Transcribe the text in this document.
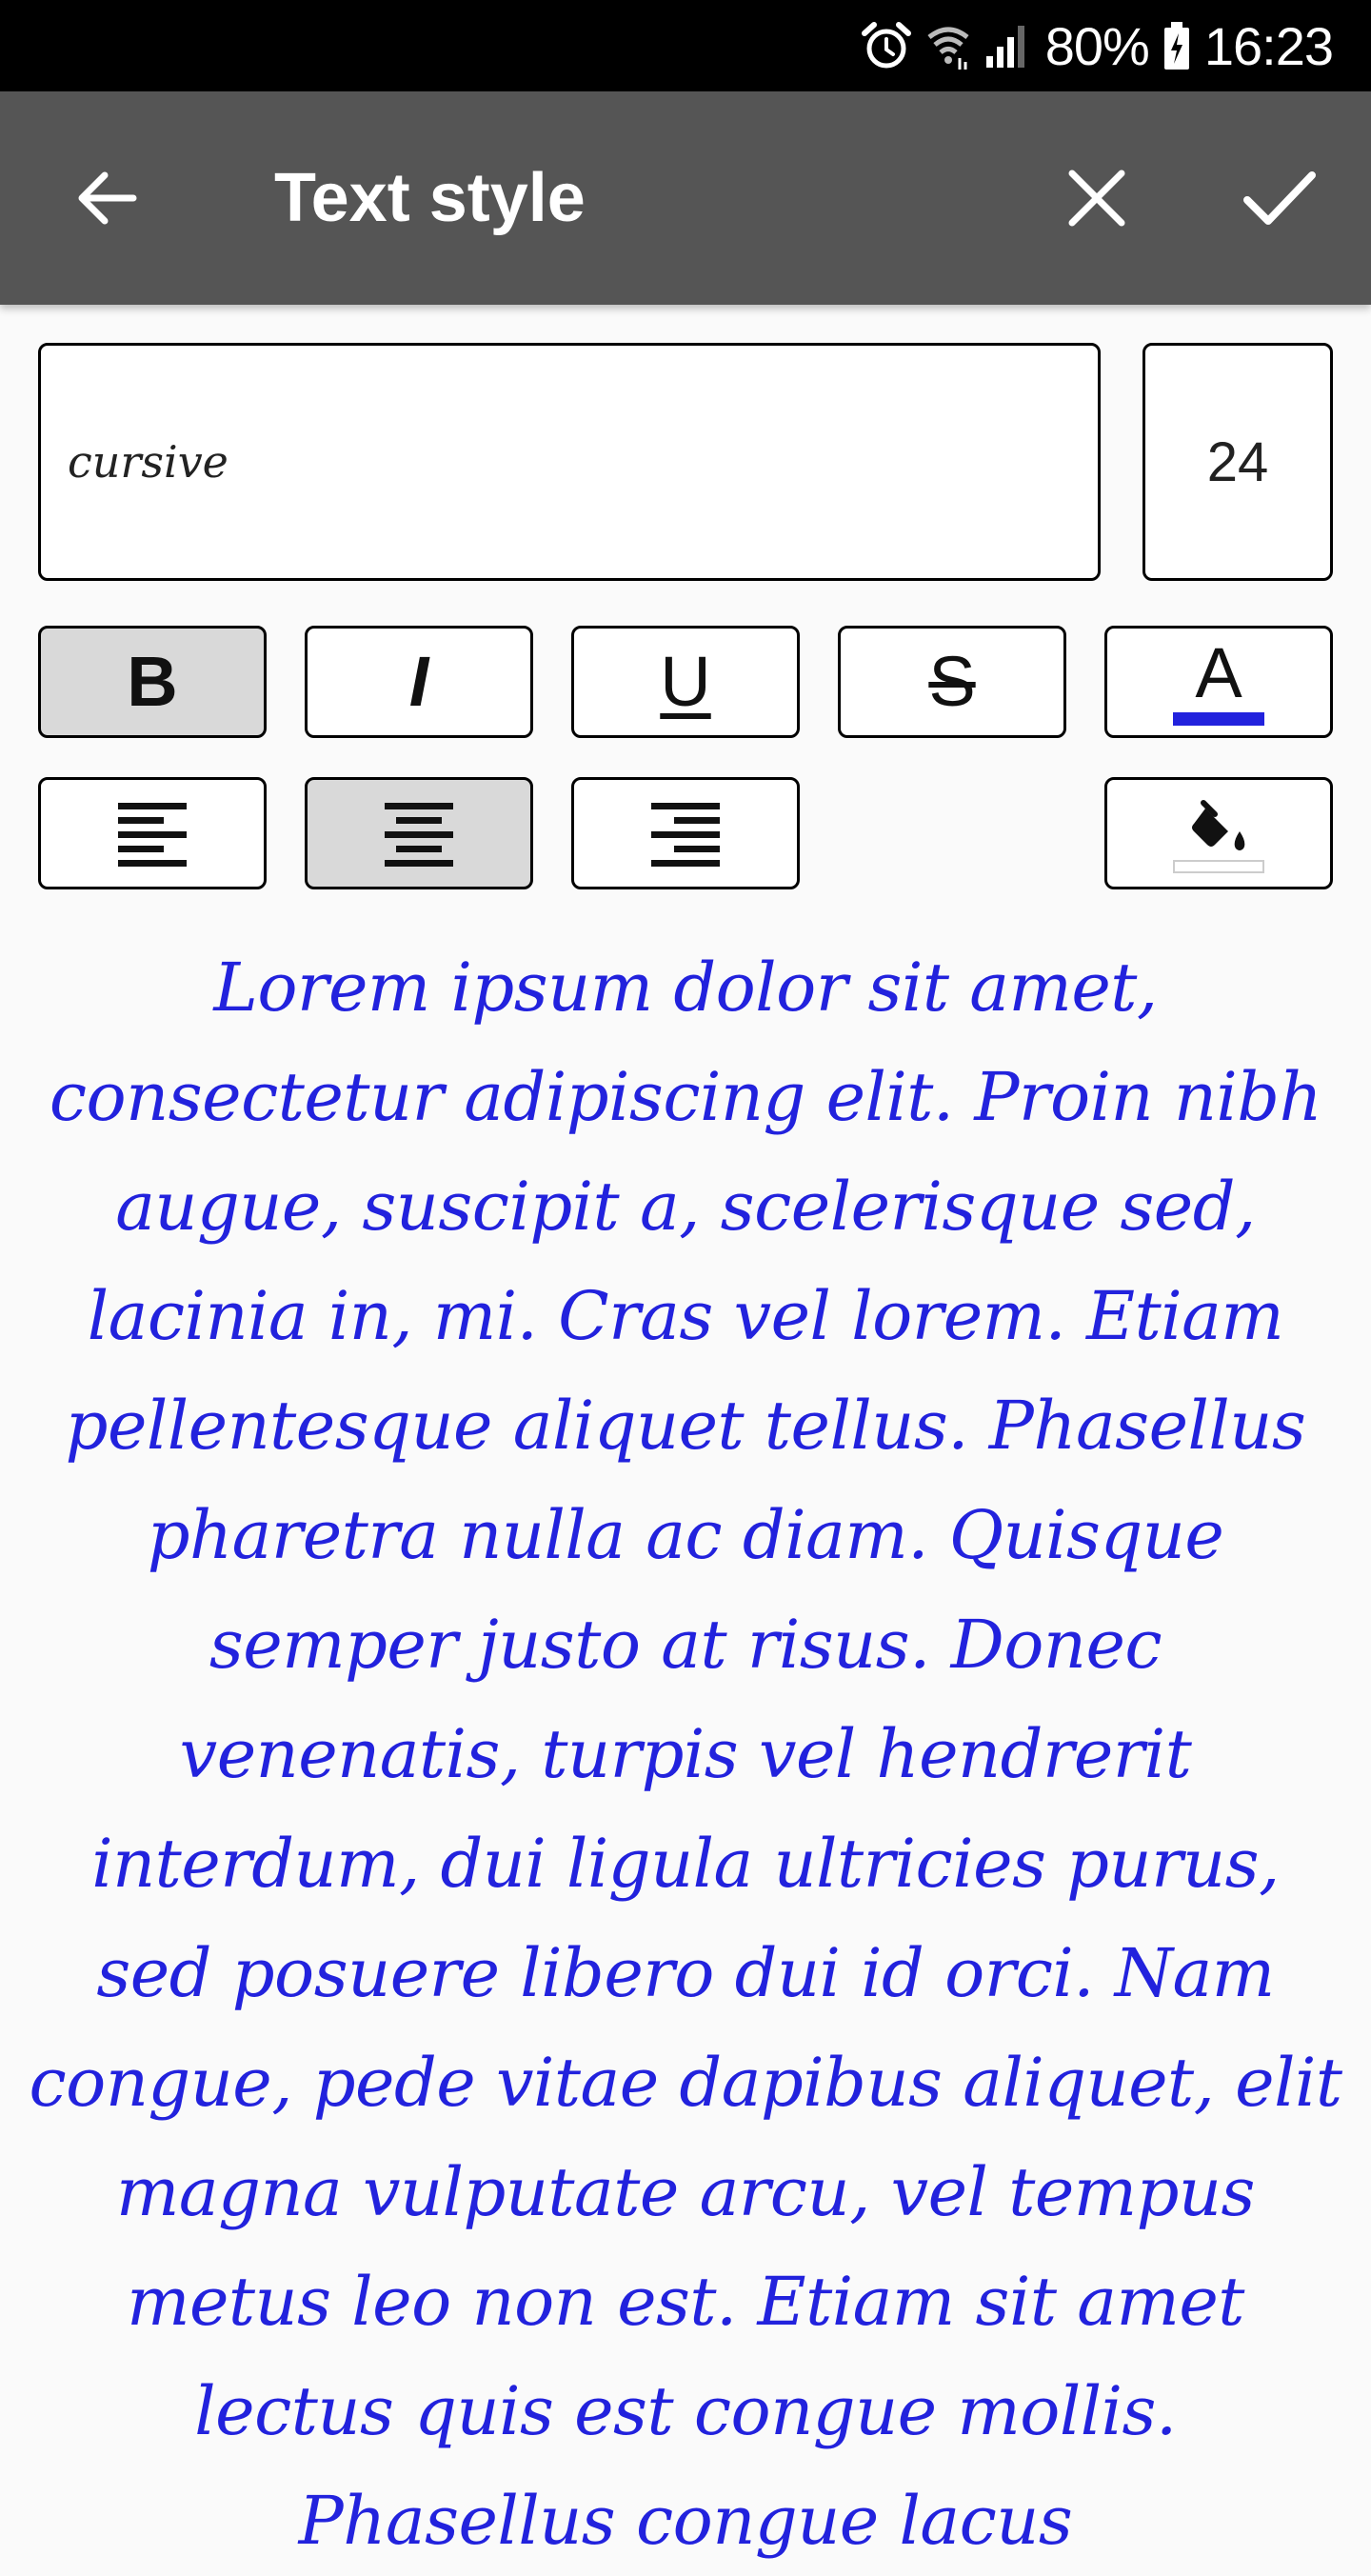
80% 16:23
Text style
cursive
24
B	I	U	S	A
Lorem ipsum dolor sit amet, consectetur adipiscing elit. Proin nibh augue, suscipit a, scelerisque sed, lacinia in, mi. Cras vel lorem. Etiam pellentesque aliquet tellus. Phasellus pharetra nulla ac diam. Quisque semper justo at risus. Donec venenatis, turpis vel hendrerit interdum, dui ligula ultricies purus, sed posuere libero dui id orci. Nam congue, pede vitae dapibus aliquet, elit magna vulputate arcu, vel tempus metus leo non est. Etiam sit amet lectus quis est congue mollis. Phasellus congue lacus
